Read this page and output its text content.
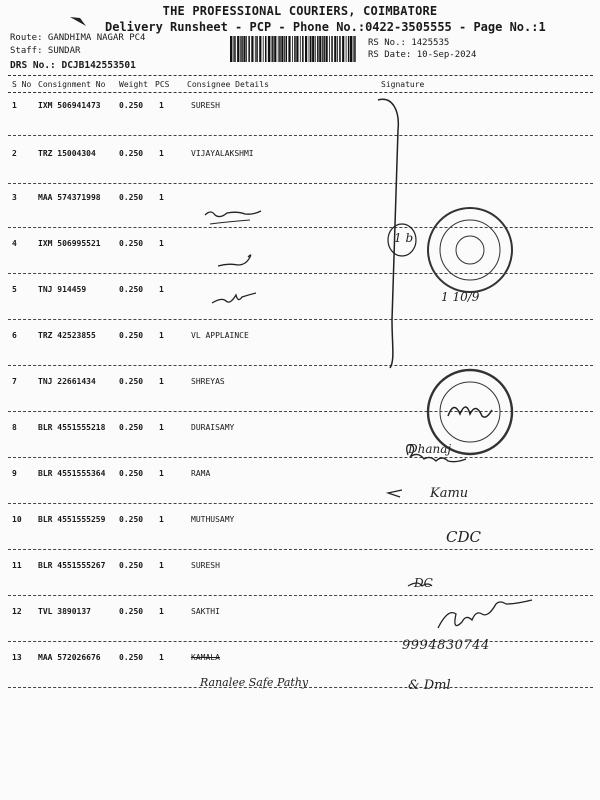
THE PROFESSIONAL COURIERS, COIMBATORE
Delivery Runsheet - PCP - Phone No.:0422-3505555 - Page No.:1
Route: GANDHIMA NAGAR PC4
Staff: SUNDAR
DRS No.: DCJB142553501
RS No.: 1425535
RS Date: 10-Sep-2024
S No Consignment No Weight PCS Consignee Details	Signature
1	IXM 506941473 0.250 1	SURESH
2	TRZ 15004304	0.250 1	VIJAYALAKSHMI
3	MAA 574371998 0.250 1
4	IXM 506995521 0.250 1
5	TNJ 914459	0.250 1
6	TRZ 42523855	0.250 1	VL APPLAINCE
7	TNJ 22661434	0.250 1	SHREYAS
8	BLR 4551555218 0.250 1	DURAISAMY
9	BLR 4551555364 0.250 1	RAMA
10 BLR 4551555259 0.250 1	MUTHUSAMY
11 BLR 4551555267 0.250 1	SURESH
12 TVL 3890137	0.250 1	SAKTHI
13 MAA 572026676 0.250 1	KAMALA
Ranalee Safe Pathy
9994830744
1 b
1 10/9
Kamu
CDC
DC
Dhanaj
& Dml
